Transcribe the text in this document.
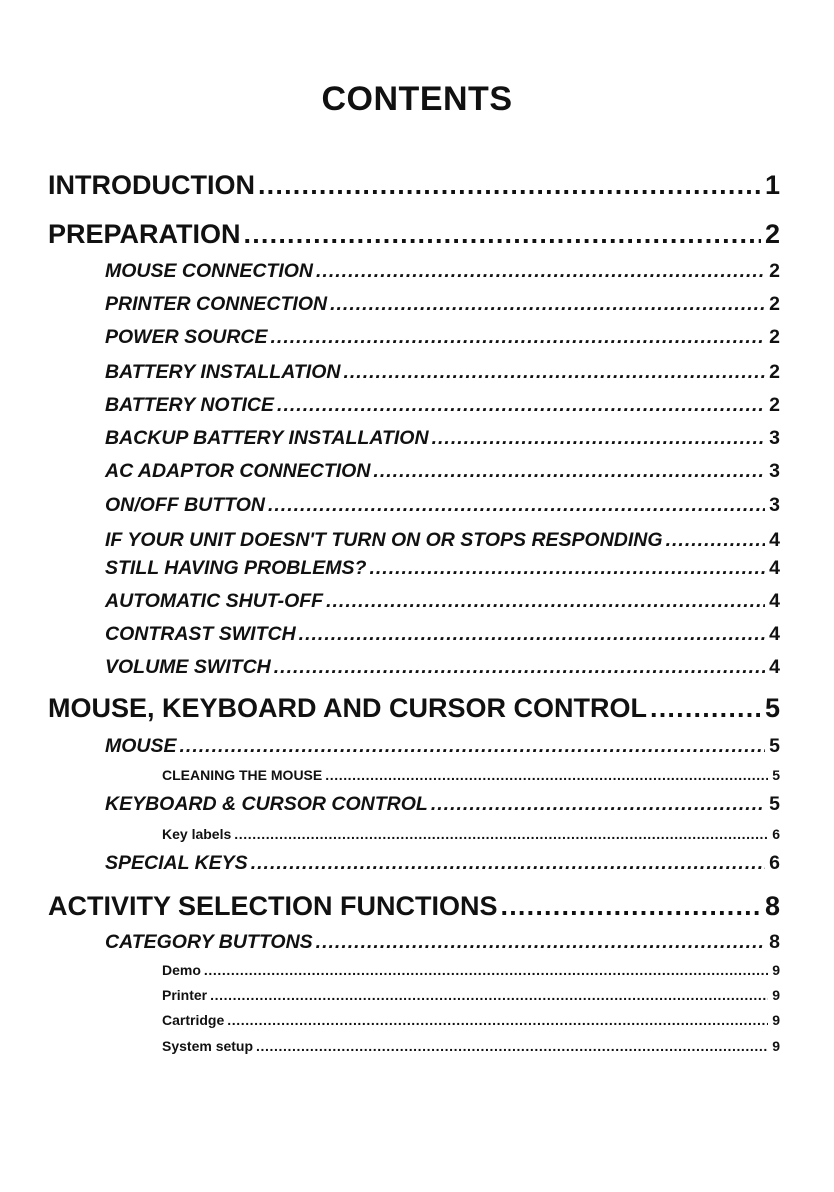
CONTENTS
INTRODUCTION .....	1
PREPARATION .....	2
MOUSE CONNECTION .....	2
PRINTER CONNECTION .....	2
POWER SOURCE .....	2
BATTERY INSTALLATION .....	2
BATTERY NOTICE .....	2
BACKUP BATTERY INSTALLATION .....	3
AC ADAPTOR CONNECTION .....	3
ON/OFF BUTTON .....	3
IF YOUR UNIT DOESN'T TURN ON OR STOPS RESPONDING .....	4
STILL HAVING PROBLEMS? .....	4
AUTOMATIC SHUT-OFF .....	4
CONTRAST SWITCH .....	4
VOLUME SWITCH .....	4
MOUSE, KEYBOARD AND CURSOR CONTROL .....	5
MOUSE .....	5
CLEANING THE MOUSE .....	5
KEYBOARD & CURSOR CONTROL .....	5
Key labels .....	6
SPECIAL KEYS .....	6
ACTIVITY SELECTION FUNCTIONS .....	8
CATEGORY BUTTONS .....	8
Demo .....	9
Printer .....	9
Cartridge .....	9
System setup .....	9
